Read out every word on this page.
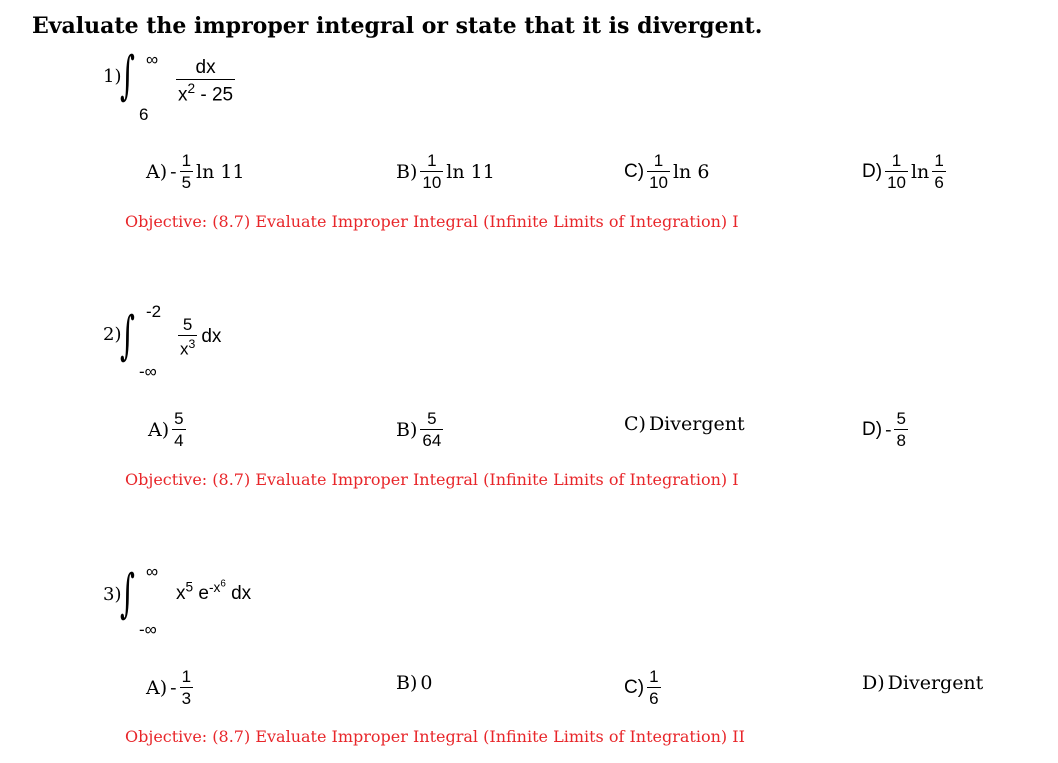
Evaluate the improper integral or state that it is divergent.
1)
∫ ∞
6
$\frac{dx}{x^2 - 25}$
$A) - \frac{1}{5}$ ln 11	$B) \frac{1}{10}$ ln 11	$C) \frac{1}{10}$ ln 6	$D) \frac{1}{10}$ $\ln \frac{1}{6}$
Objective: (8.7) Evaluate Improper Integral (Infinite Limits of Integration) I
2)
∫ -2
-∞
$\frac{5}{x^3}$ dx
$A) \frac{5}{4}$	$B) \frac{5}{64}$	C) Divergent	$D) - \frac{5}{8}$
Objective: (8.7) Evaluate Improper Integral (Infinite Limits of Integration) I
3)
∫ ∞
-∞
$x^5$ $e^{-x^6}$ dx
$A) - \frac{1}{3}$	B) 0	$C) \frac{1}{6}$	D) Divergent
Objective: (8.7) Evaluate Improper Integral (Infinite Limits of Integration) II
